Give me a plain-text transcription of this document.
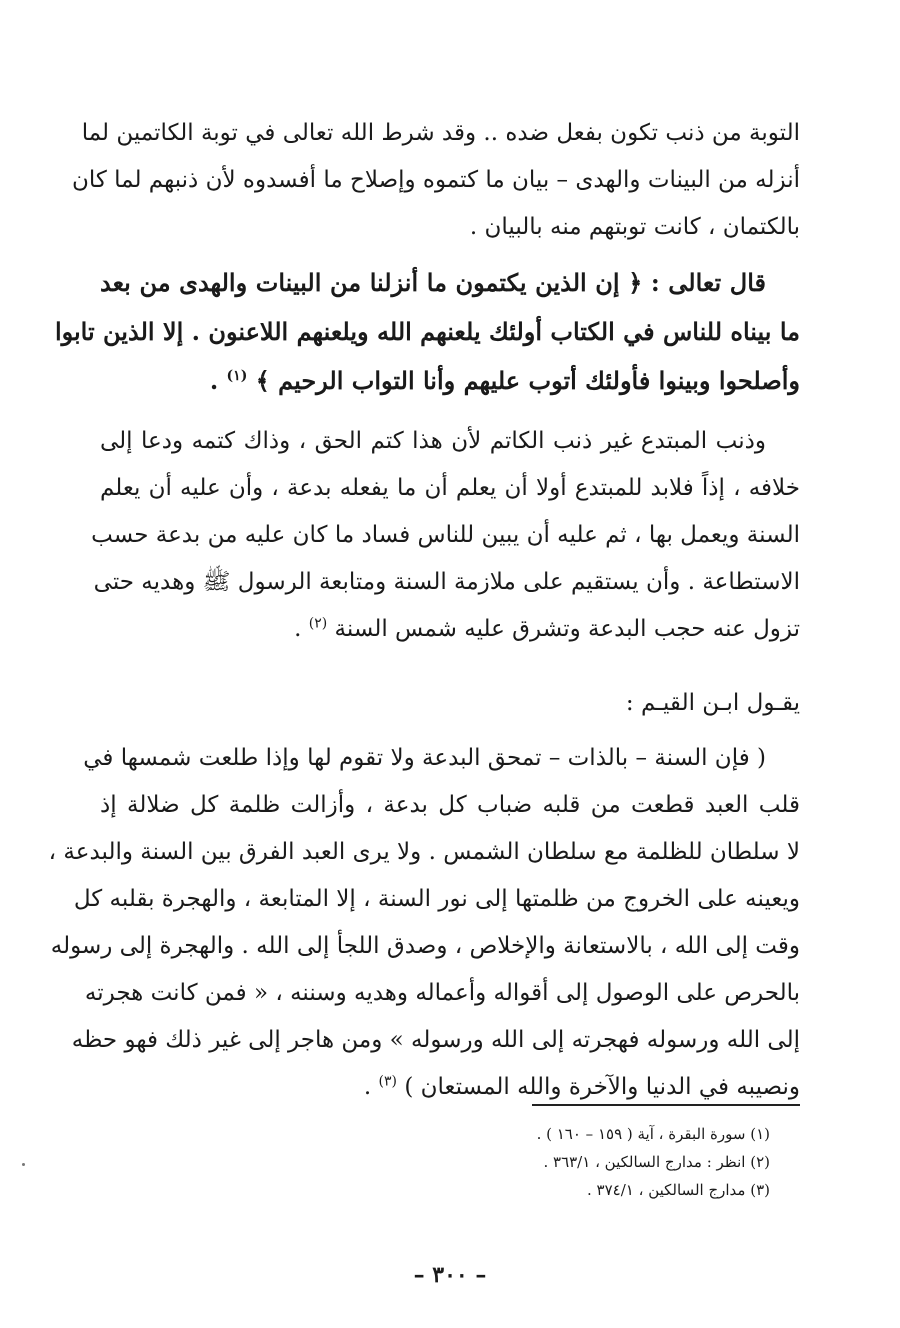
التوبة من ذنب تكون بفعل ضده .. وقد شرط الله تعالى في توبة الكاتمين لما
أنزله من البينات والهدى – بيان ما كتموه وإصلاح ما أفسدوه لأن ذنبهم لما كان
بالكتمان ، كانت توبتهم منه بالبيان .
قال تعالى : ﴿ إن الذين يكتمون ما أنزلنا من البينات والهدى من بعد
ما بيناه للناس في الكتاب أولئك يلعنهم الله ويلعنهم اللاعنون . إلا الذين تابوا
وأصلحوا وبينوا فأولئك أتوب عليهم وأنا التواب الرحيم ﴾ $^{(١)}$ .
وذنب المبتدع غير ذنب الكاتم لأن هذا كتم الحق ، وذاك كتمه ودعا إلى
خلافه ، إذاً فلابد للمبتدع أولا أن يعلم أن ما يفعله بدعة ، وأن عليه أن يعلم
السنة ويعمل بها ، ثم عليه أن يبين للناس فساد ما كان عليه من بدعة حسب
الاستطاعة . وأن يستقيم على ملازمة السنة ومتابعة الرسول ﷺ وهديه حتى
تزول عنه حجب البدعة وتشرق عليه شمس السنة $^{(٢)}$ .
يقـول ابـن القيـم :
( فإن السنة – بالذات – تمحق البدعة ولا تقوم لها وإذا طلعت شمسها في
قلب العبد قطعت من قلبه ضباب كل بدعة ، وأزالت ظلمة كل ضلالة إذ
لا سلطان للظلمة مع سلطان الشمس . ولا يرى العبد الفرق بين السنة والبدعة ،
ويعينه على الخروج من ظلمتها إلى نور السنة ، إلا المتابعة ، والهجرة بقلبه كل
وقت إلى الله ، بالاستعانة والإخلاص ، وصدق اللجأ إلى الله . والهجرة إلى رسوله
بالحرص على الوصول إلى أقواله وأعماله وهديه وسننه ، « فمن كانت هجرته
إلى الله ورسوله فهجرته إلى الله ورسوله » ومن هاجر إلى غير ذلك فهو حظه
ونصيبه في الدنيا والآخرة والله المستعان ) $^{(٣)}$ .
(١) سورة البقرة ، آية ( ١٥٩ – ١٦٠ ) .
(٢) انظر : مدارج السالكين ، ٣٦٣/١ .
(٣) مدارج السالكين ، ٣٧٤/١ .
– ٣٠٠ –
